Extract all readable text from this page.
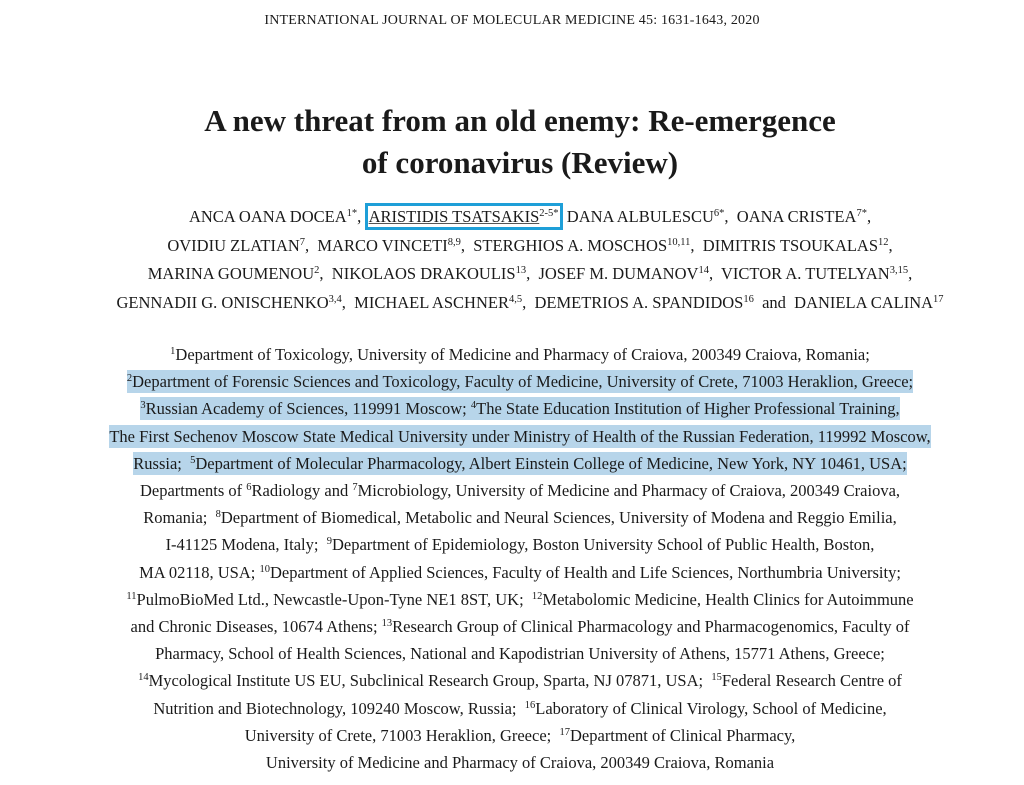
INTERNATIONAL JOURNAL OF MOLECULAR MEDICINE 45: 1631-1643, 2020
A new threat from an old enemy: Re-emergence
of coronavirus (Review)
ANCA OANA $DOCEA^{1*}$,  ARISTIDIS $TSATSAKIS^{2-5*}$ DANA $ALBULESCU^{6*}$,  OANA $CRISTEA^{7*}$,
OVIDIU ZLATIAN$^7$,  MARCO VINCETI$^{8,9}$,  STERGHIOS A. MOSCHOS$^{10,11}$,  DIMITRIS TSOUKALAS$^{12}$,
MARINA GOUMENOU$^2$,  NIKOLAOS DRAKOULIS$^{13}$,  JOSEF M. DUMANOV$^{14}$,  VICTOR A. TUTELYAN$^{3,15}$,
GENNADII G. ONISCHENKO$^{3,4}$,  MICHAEL ASCHNER$^{4,5}$,  DEMETRIOS A. SPANDIDOS$^{16}$ and DANIELA CALINA$^{17}$
$^1$Department of Toxicology, University of Medicine and Pharmacy of Craiova, 200349 Craiova, Romania;
$^2$Department of Forensic Sciences and Toxicology, Faculty of Medicine, University of Crete, 71003 Heraklion, Greece;
$^3$Russian Academy of Sciences, 119991 Moscow; $^4$The State Education Institution of Higher Professional Training,
The First Sechenov Moscow State Medical University under Ministry of Health of the Russian Federation, 119992 Moscow,
Russia; $^5$Department of Molecular Pharmacology, Albert Einstein College of Medicine, New York, NY 10461, USA;
Departments of $^6$Radiology and $^7$Microbiology, University of Medicine and Pharmacy of Craiova, 200349 Craiova,
Romania; $^8$Department of Biomedical, Metabolic and Neural Sciences, University of Modena and Reggio Emilia,
I-41125 Modena, Italy; $^9$Department of Epidemiology, Boston University School of Public Health, Boston,
MA 02118, USA; $^{10}$Department of Applied Sciences, Faculty of Health and Life Sciences, Northumbria University;
$^{11}$PulmoBioMed Ltd., Newcastle-Upon-Tyne NE1 8ST, UK; $^{12}$Metabolomic Medicine, Health Clinics for Autoimmune
and Chronic Diseases, 10674 Athens; $^{13}$Research Group of Clinical Pharmacology and Pharmacogenomics, Faculty of
Pharmacy, School of Health Sciences, National and Kapodistrian University of Athens, 15771 Athens, Greece;
$^{14}$Mycological Institute US EU, Subclinical Research Group, Sparta, NJ 07871, USA; $^{15}$Federal Research Centre of
Nutrition and Biotechnology, 109240 Moscow, Russia; $^{16}$Laboratory of Clinical Virology, School of Medicine,
University of Crete, 71003 Heraklion, Greece; $^{17}$Department of Clinical Pharmacy,
University of Medicine and Pharmacy of Craiova, 200349 Craiova, Romania
